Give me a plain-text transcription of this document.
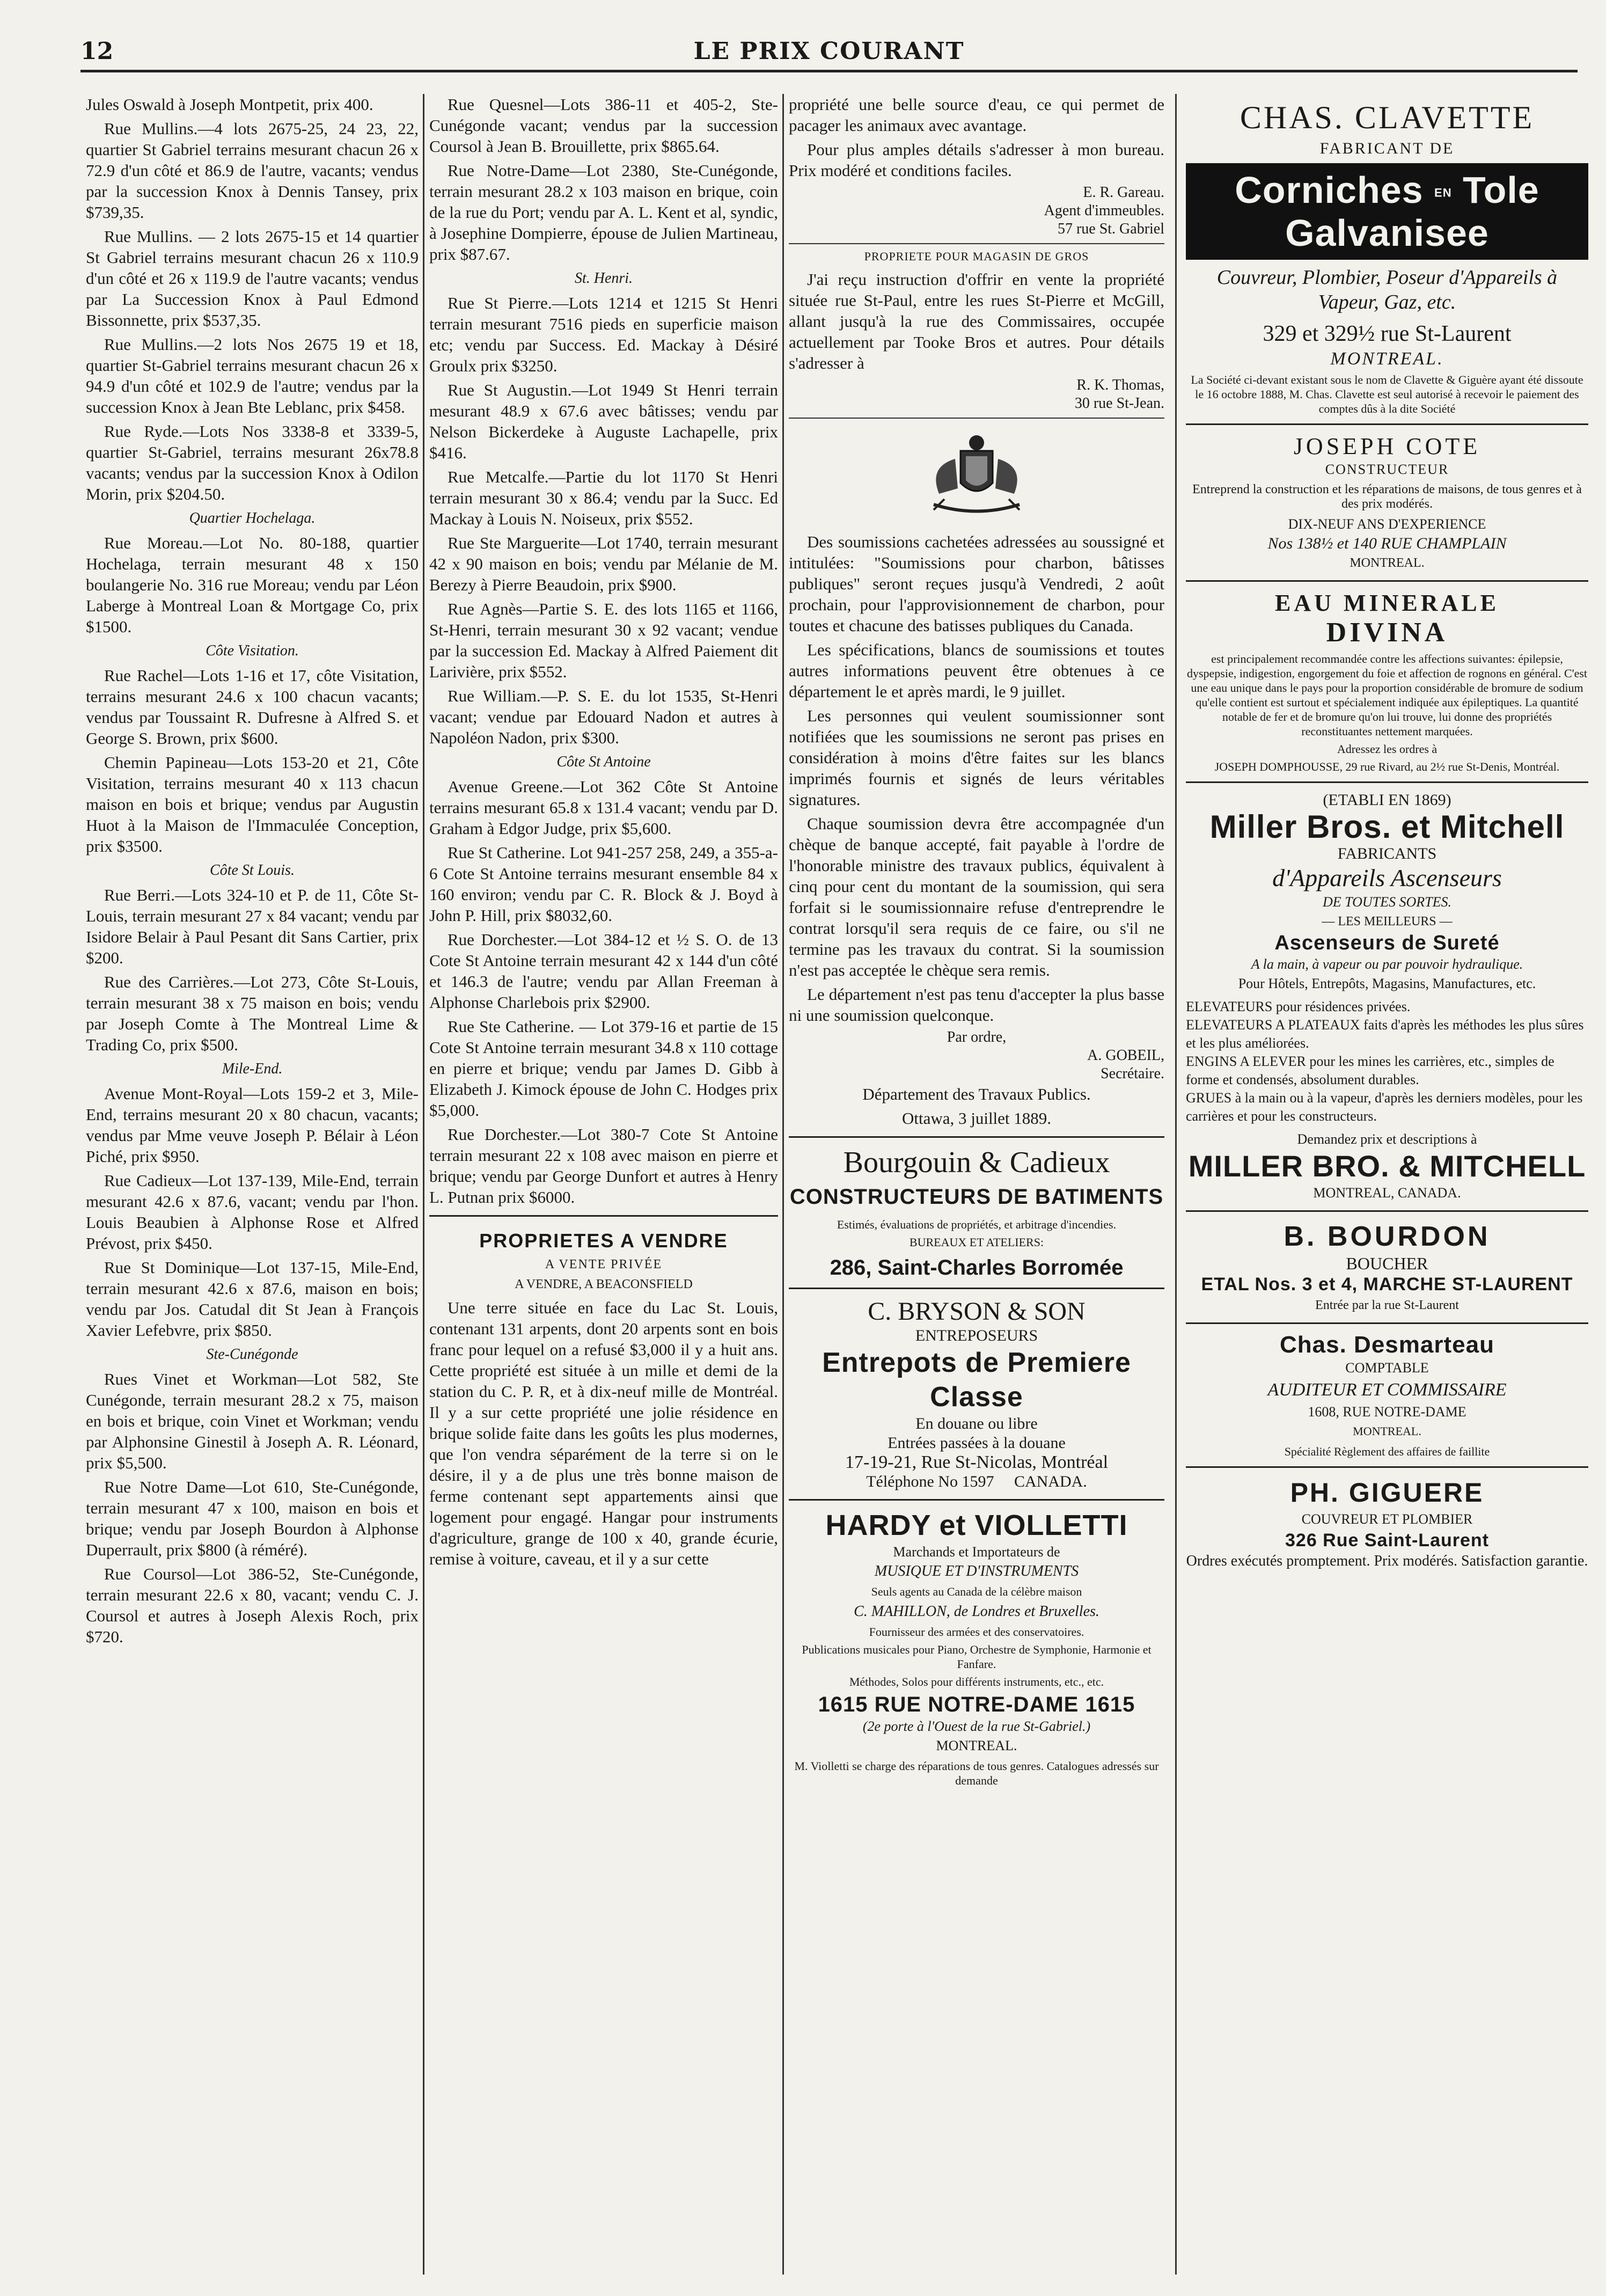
12	LE PRIX COURANT

Jules Oswald à Joseph Montpetit, prix 400.

Rue Mullins.—4 lots 2675-25, 24 23, 22, quartier St Gabriel terrains mesurant chacun 26 x 72.9 d'un côté et 86.9 de l'autre, vacants; vendus par la succession Knox à Dennis Tansey, prix $739,35.

Rue Mullins. — 2 lots 2675-15 et 14 quartier St Gabriel terrains mesurant chacun 26 x 110.9 d'un côté et 26 x 119.9 de l'autre vacants; vendus par La Succession Knox à Paul Edmond Bissonnette, prix $537,35.

Rue Mullins.—2 lots Nos 2675 19 et 18, quartier St-Gabriel terrains mesurant chacun 26 x 94.9 d'un côté et 102.9 de l'autre; vendus par la succession Knox à Jean Bte Leblanc, prix $458.

Rue Ryde.—Lots Nos 3338-8 et 3339-5, quartier St-Gabriel, terrains mesurant 26x78.8 vacants; vendus par la succession Knox à Odilon Morin, prix $204.50.

Quartier Hochelaga.

Rue Moreau.—Lot No. 80-188, quartier Hochelaga, terrain mesurant 48 x 150 boulangerie No. 316 rue Moreau; vendu par Léon Laberge à Montreal Loan & Mortgage Co, prix $1500.

Côte Visitation.

Rue Rachel—Lots 1-16 et 17, côte Visitation, terrains mesurant 24.6 x 100 chacun vacants; vendus par Toussaint R. Dufresne à Alfred S. et George S. Brown, prix $600.

Chemin Papineau—Lots 153-20 et 21, Côte Visitation, terrains mesurant 40 x 113 chacun maison en bois et brique; vendus par Augustin Huot à la Maison de l'Immaculée Conception, prix $3500.

Côte St Louis.

Rue Berri.—Lots 324-10 et P. de 11, Côte St-Louis, terrain mesurant 27 x 84 vacant; vendu par Isidore Belair à Paul Pesant dit Sans Cartier, prix $200.

Rue des Carrières.—Lot 273, Côte St-Louis, terrain mesurant 38 x 75 maison en bois; vendu par Joseph Comte à The Montreal Lime & Trading Co, prix $500.

Mile-End.

Avenue Mont-Royal—Lots 159-2 et 3, Mile-End, terrains mesurant 20 x 80 chacun, vacants; vendus par Mme veuve Joseph P. Bélair à Léon Piché, prix $950.

Rue Cadieux—Lot 137-139, Mile-End, terrain mesurant 42.6 x 87.6, vacant; vendu par l'hon. Louis Beaubien à Alphonse Rose et Alfred Prévost, prix $450.

Rue St Dominique—Lot 137-15, Mile-End, terrain mesurant 42.6 x 87.6, maison en bois; vendu par Jos. Catudal dit St Jean à François Xavier Lefebvre, prix $850.

Ste-Cunégonde

Rues Vinet et Workman—Lot 582, Ste Cunégonde, terrain mesurant 28.2 x 75, maison en bois et brique, coin Vinet et Workman; vendu par Alphonsine Ginestil à Joseph A. R. Léonard, prix $5,500.

Rue Notre Dame—Lot 610, Ste-Cunégonde, terrain mesurant 47 x 100, maison en bois et brique; vendu par Joseph Bourdon à Alphonse Duperrault, prix $800 (à réméré).

Rue Coursol—Lot 386-52, Ste-Cunégonde, terrain mesurant 22.6 x 80, vacant; vendu C. J. Coursol et autres à Joseph Alexis Roch, prix $720.

Rue Quesnel—Lots 386-11 et 405-2, Ste-Cunégonde vacant; vendus par la succession Coursol à Jean B. Brouillette, prix $865.64.

Rue Notre-Dame—Lot 2380, Ste-Cunégonde, terrain mesurant 28.2 x 103 maison en brique, coin de la rue du Port; vendu par A. L. Kent et al, syndic, à Josephine Dompierre, épouse de Julien Martineau, prix $87.67.

St. Henri.

Rue St Pierre.—Lots 1214 et 1215 St Henri terrain mesurant 7516 pieds en superficie maison etc; vendu par Success. Ed. Mackay à Désiré Groulx prix $3250.

Rue St Augustin.—Lot 1949 St Henri terrain mesurant 48.9 x 67.6 avec bâtisses; vendu par Nelson Bickerdeke à Auguste Lachapelle, prix $416.

Rue Metcalfe.—Partie du lot 1170 St Henri terrain mesurant 30 x 86.4; vendu par la Succ. Ed Mackay à Louis N. Noiseux, prix $552.

Rue Ste Marguerite—Lot 1740, terrain mesurant 42 x 90 maison en bois; vendu par Mélanie de M. Berezy à Pierre Beaudoin, prix $900.

Rue Agnès—Partie S. E. des lots 1165 et 1166, St-Henri, terrain mesurant 30 x 92 vacant; vendue par la succession Ed. Mackay à Alfred Paiement dit Larivière, prix $552.

Rue William.—P. S. E. du lot 1535, St-Henri vacant; vendue par Edouard Nadon et autres à Napoléon Nadon, prix $300.

Côte St Antoine

Avenue Greene.—Lot 362 Côte St Antoine terrains mesurant 65.8 x 131.4 vacant; vendu par D. Graham à Edgor Judge, prix $5,600.

Rue St Catherine. Lot 941-257 258, 249, a 355-a-6 Cote St Antoine terrains mesurant ensemble 84 x 160 environ; vendu par C. R. Block & J. Boyd à John P. Hill, prix $8032,60.

Rue Dorchester.—Lot 384-12 et ½ S. O. de 13 Cote St Antoine terrain mesurant 42 x 144 d'un côté et 146.3 de l'autre; vendu par Allan Freeman à Alphonse Charlebois prix $2900.

Rue Ste Catherine. — Lot 379-16 et partie de 15 Cote St Antoine terrain mesurant 34.8 x 110 cottage en pierre et brique; vendu par James D. Gibb à Elizabeth J. Kimock épouse de John C. Hodges prix $5,000.

Rue Dorchester.—Lot 380-7 Cote St Antoine terrain mesurant 22 x 108 avec maison en pierre et brique; vendu par George Dunfort et autres à Henry L. Putnan prix $6000.

PROPRIETES A VENDRE
A VENTE PRIVÉE
A VENDRE, A BEACONSFIELD

Une terre située en face du Lac St. Louis, contenant 131 arpents, dont 20 arpents sont en bois franc pour lequel on a refusé $3,000 il y a huit ans. Cette propriété est située à un mille et demi de la station du C. P. R, et à dix-neuf mille de Montréal. Il y a sur cette propriété une jolie résidence en brique solide faite dans les goûts les plus modernes, que l'on vendra séparément de la terre si on le désire, il y a de plus une très bonne maison de ferme contenant sept appartements ainsi que logement pour engagé. Hangar pour instruments d'agriculture, grange de 100 x 40, grande écurie, remise à voiture, caveau, et il y a sur cette

propriété une belle source d'eau, ce qui permet de pacager les animaux avec avantage.

Pour plus amples détails s'adresser à mon bureau. Prix modéré et conditions faciles.

E. R. Gareau.
Agent d'immeubles.
57 rue St. Gabriel
PROPRIETE POUR MAGASIN DE GROS

J'ai reçu instruction d'offrir en vente la propriété située rue St-Paul, entre les rues St-Pierre et McGill, allant jusqu'à la rue des Commissaires, occupée actuellement par Tooke Bros et autres. Pour détails s'adresser à

R. K. Thomas,
30 rue St-Jean.

Des soumissions cachetées adressées au soussigné et intitulées: "Soumissions pour charbon, bâtisses publiques" seront reçues jusqu'à Vendredi, 2 août prochain, pour l'approvisionnement de charbon, pour toutes et chacune des batisses publiques du Canada.

Les spécifications, blancs de soumissions et toutes autres informations peuvent être obtenues à ce département le et après mardi, le 9 juillet.

Les personnes qui veulent soumissionner sont notifiées que les soumissions ne seront pas prises en considération à moins d'être faites sur les blancs imprimés fournis et signés de leurs véritables signatures.

Chaque soumission devra être accompagnée d'un chèque de banque accepté, fait payable à l'ordre de l'honorable ministre des travaux publics, équivalent à cinq pour cent du montant de la soumission, qui sera forfait si le soumissionnaire refuse d'entreprendre le contrat lorsqu'il sera requis de ce faire, ou s'il ne termine pas les travaux du contrat. Si la soumission n'est pas acceptée le chèque sera remis.

Le département n'est pas tenu d'accepter la plus basse ni une soumission quelconque.

Par ordre,
A. GOBEIL,
Secrétaire.

Département des Travaux Publics.

Ottawa, 3 juillet 1889.

Bourgouin & Cadieux
CONSTRUCTEURS DE BATIMENTS
Estimés, évaluations de propriétés, et arbitrage d'incendies.
BUREAUX ET ATELIERS:
286, Saint-Charles Borromée
C. BRYSON & SON
ENTREPOSEURS
Entrepots de Premiere Classe
En douane ou libre
Entrées passées à la douane
17-19-21, Rue St-Nicolas, Montréal
Téléphone No 1597 CANADA.
HARDY et VIOLLETTI
Marchands et Importateurs de
MUSIQUE ET D'INSTRUMENTS
Seuls agents au Canada de la célèbre maison
C. MAHILLON, de Londres et Bruxelles.
Fournisseur des armées et des conservatoires.
Publications musicales pour Piano, Orchestre de Symphonie, Harmonie et Fanfare.
Méthodes, Solos pour différents instruments, etc., etc.
1615 RUE NOTRE-DAME 1615
(2e porte à l'Ouest de la rue St-Gabriel.)
MONTREAL.
M. Violletti se charge des réparations de tous genres. Catalogues adressés sur demande
CHAS. CLAVETTE
FABRICANT DE
Corniches EN Tole Galvanisee
Couvreur, Plombier, Poseur d'Appareils à Vapeur, Gaz, etc.
329 et 329½ rue St-Laurent
MONTREAL.
La Société ci-devant existant sous le nom de Clavette & Giguère ayant été dissoute le 16 octobre 1888, M. Chas. Clavette est seul autorisé à recevoir le paiement des comptes dûs à la dite Société
JOSEPH COTE
CONSTRUCTEUR
Entreprend la construction et les réparations de maisons, de tous genres et à des prix modérés.
DIX-NEUF ANS D'EXPERIENCE
Nos 138½ et 140 RUE CHAMPLAIN
MONTREAL.
EAU MINERALE
DIVINA
est principalement recommandée contre les affections suivantes: épilepsie, dyspepsie, indigestion, engorgement du foie et affection de rognons en général. C'est une eau unique dans le pays pour la proportion considérable de bromure de sodium qu'elle contient est surtout et spécialement indiquée aux épileptiques. La quantité notable de fer et de bromure qu'on lui trouve, lui donne des propriétés reconstituantes nettement marquées.
Adressez les ordres à
JOSEPH DOMPHOUSSE, 29 rue Rivard, au 2½ rue St-Denis, Montréal.
(ETABLI EN 1869)
Miller Bros. et Mitchell
FABRICANTS
d'Appareils Ascenseurs
DE TOUTES SORTES.
— LES MEILLEURS —
Ascenseurs de Sureté
A la main, à vapeur ou par pouvoir hydraulique.
Pour Hôtels, Entrepôts, Magasins, Manufactures, etc.
ELEVATEURS pour résidences privées.
ELEVATEURS A PLATEAUX faits d'après les méthodes les plus sûres et les plus améliorées.
ENGINS A ELEVER pour les mines les carrières, etc., simples de forme et condensés, absolument durables.
GRUES à la main ou à la vapeur, d'après les derniers modèles, pour les carrières et pour les constructeurs.
Demandez prix et descriptions à
MILLER BRO. & MITCHELL
MONTREAL, CANADA.
B. BOURDON
BOUCHER
ETAL Nos. 3 et 4, MARCHE ST-LAURENT
Entrée par la rue St-Laurent
Chas. Desmarteau
COMPTABLE
AUDITEUR ET COMMISSAIRE
1608, RUE NOTRE-DAME
MONTREAL.
Spécialité Règlement des affaires de faillite
PH. GIGUERE
COUVREUR ET PLOMBIER
326 Rue Saint-Laurent
Ordres exécutés promptement. Prix modérés. Satisfaction garantie.
